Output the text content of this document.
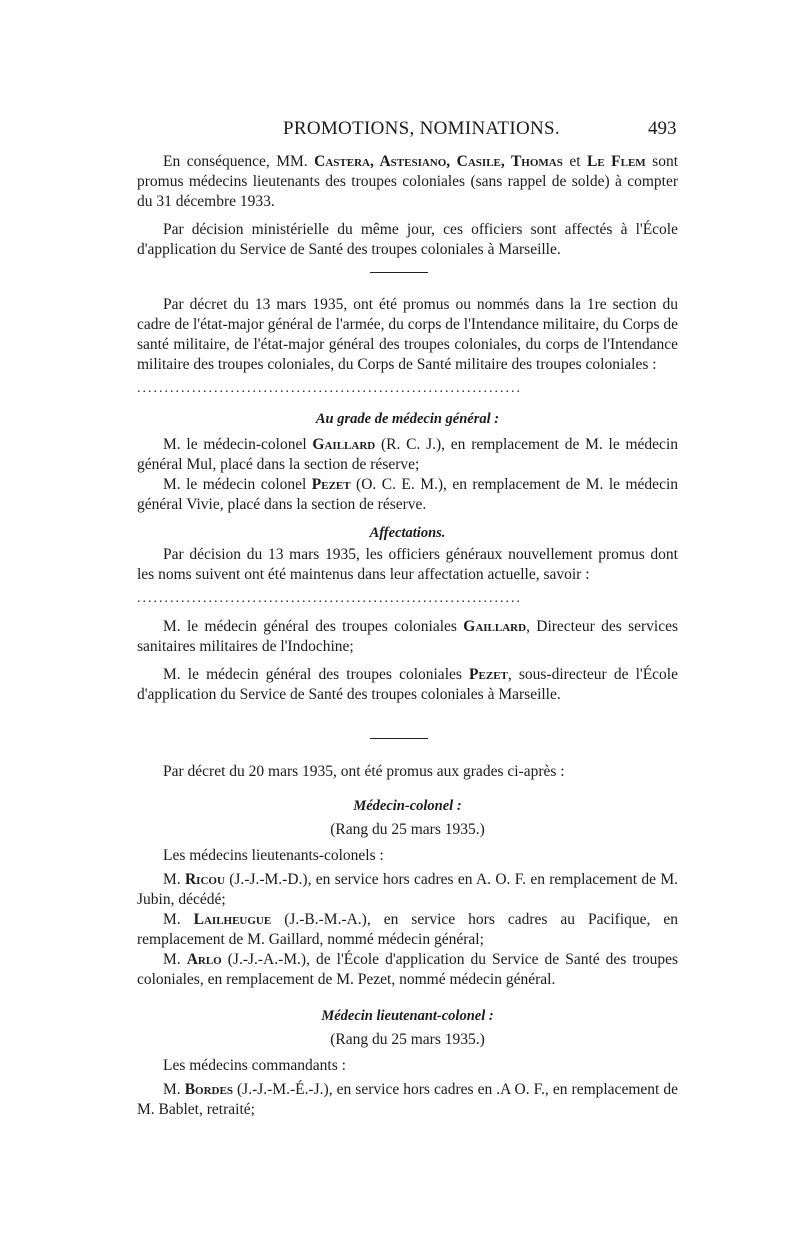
PROMOTIONS, NOMINATIONS.	493

En conséquence, MM. Castera, Astesiano, Casile, Thomas et Le Flem sont promus médecins lieutenants des troupes coloniales (sans rappel de solde) à compter du 31 décembre 1933.

Par décision ministérielle du même jour, ces officiers sont affectés à l'École d'application du Service de Santé des troupes coloniales à Marseille.

Par décret du 13 mars 1935, ont été promus ou nommés dans la 1re section du cadre de l'état-major général de l'armée, du corps de l'Intendance militaire, du Corps de santé militaire, de l'état-major général des troupes coloniales, du corps de l'Intendance militaire des troupes coloniales, du Corps de Santé militaire des troupes coloniales :

......................................................................

Au grade de médecin général :

M. le médecin-colonel Gaillard (R. C. J.), en remplacement de M. le médecin général Mul, placé dans la section de réserve;

M. le médecin colonel Pezet (O. C. E. M.), en remplacement de M. le médecin général Vivie, placé dans la section de réserve.

Affectations.

Par décision du 13 mars 1935, les officiers généraux nouvellement promus dont les noms suivent ont été maintenus dans leur affectation actuelle, savoir :

......................................................................

M. le médecin général des troupes coloniales Gaillard, Directeur des services sanitaires militaires de l'Indochine;

M. le médecin général des troupes coloniales Pezet, sous-directeur de l'École d'application du Service de Santé des troupes coloniales à Marseille.

Par décret du 20 mars 1935, ont été promus aux grades ci-après :

Médecin-colonel :

(Rang du 25 mars 1935.)

Les médecins lieutenants-colonels :

M. Ricou (J.-J.-M.-D.), en service hors cadres en A. O. F. en remplacement de M. Jubin, décédé;

M. Lailheugue (J.-B.-M.-A.), en service hors cadres au Pacifique, en remplacement de M. Gaillard, nommé médecin général;

M. Arlo (J.-J.-A.-M.), de l'École d'application du Service de Santé des troupes coloniales, en remplacement de M. Pezet, nommé médecin général.

Médecin lieutenant-colonel :

(Rang du 25 mars 1935.)

Les médecins commandants :

M. Bordes (J.-J.-M.-É.-J.), en service hors cadres en .A O. F., en remplacement de M. Bablet, retraité;
